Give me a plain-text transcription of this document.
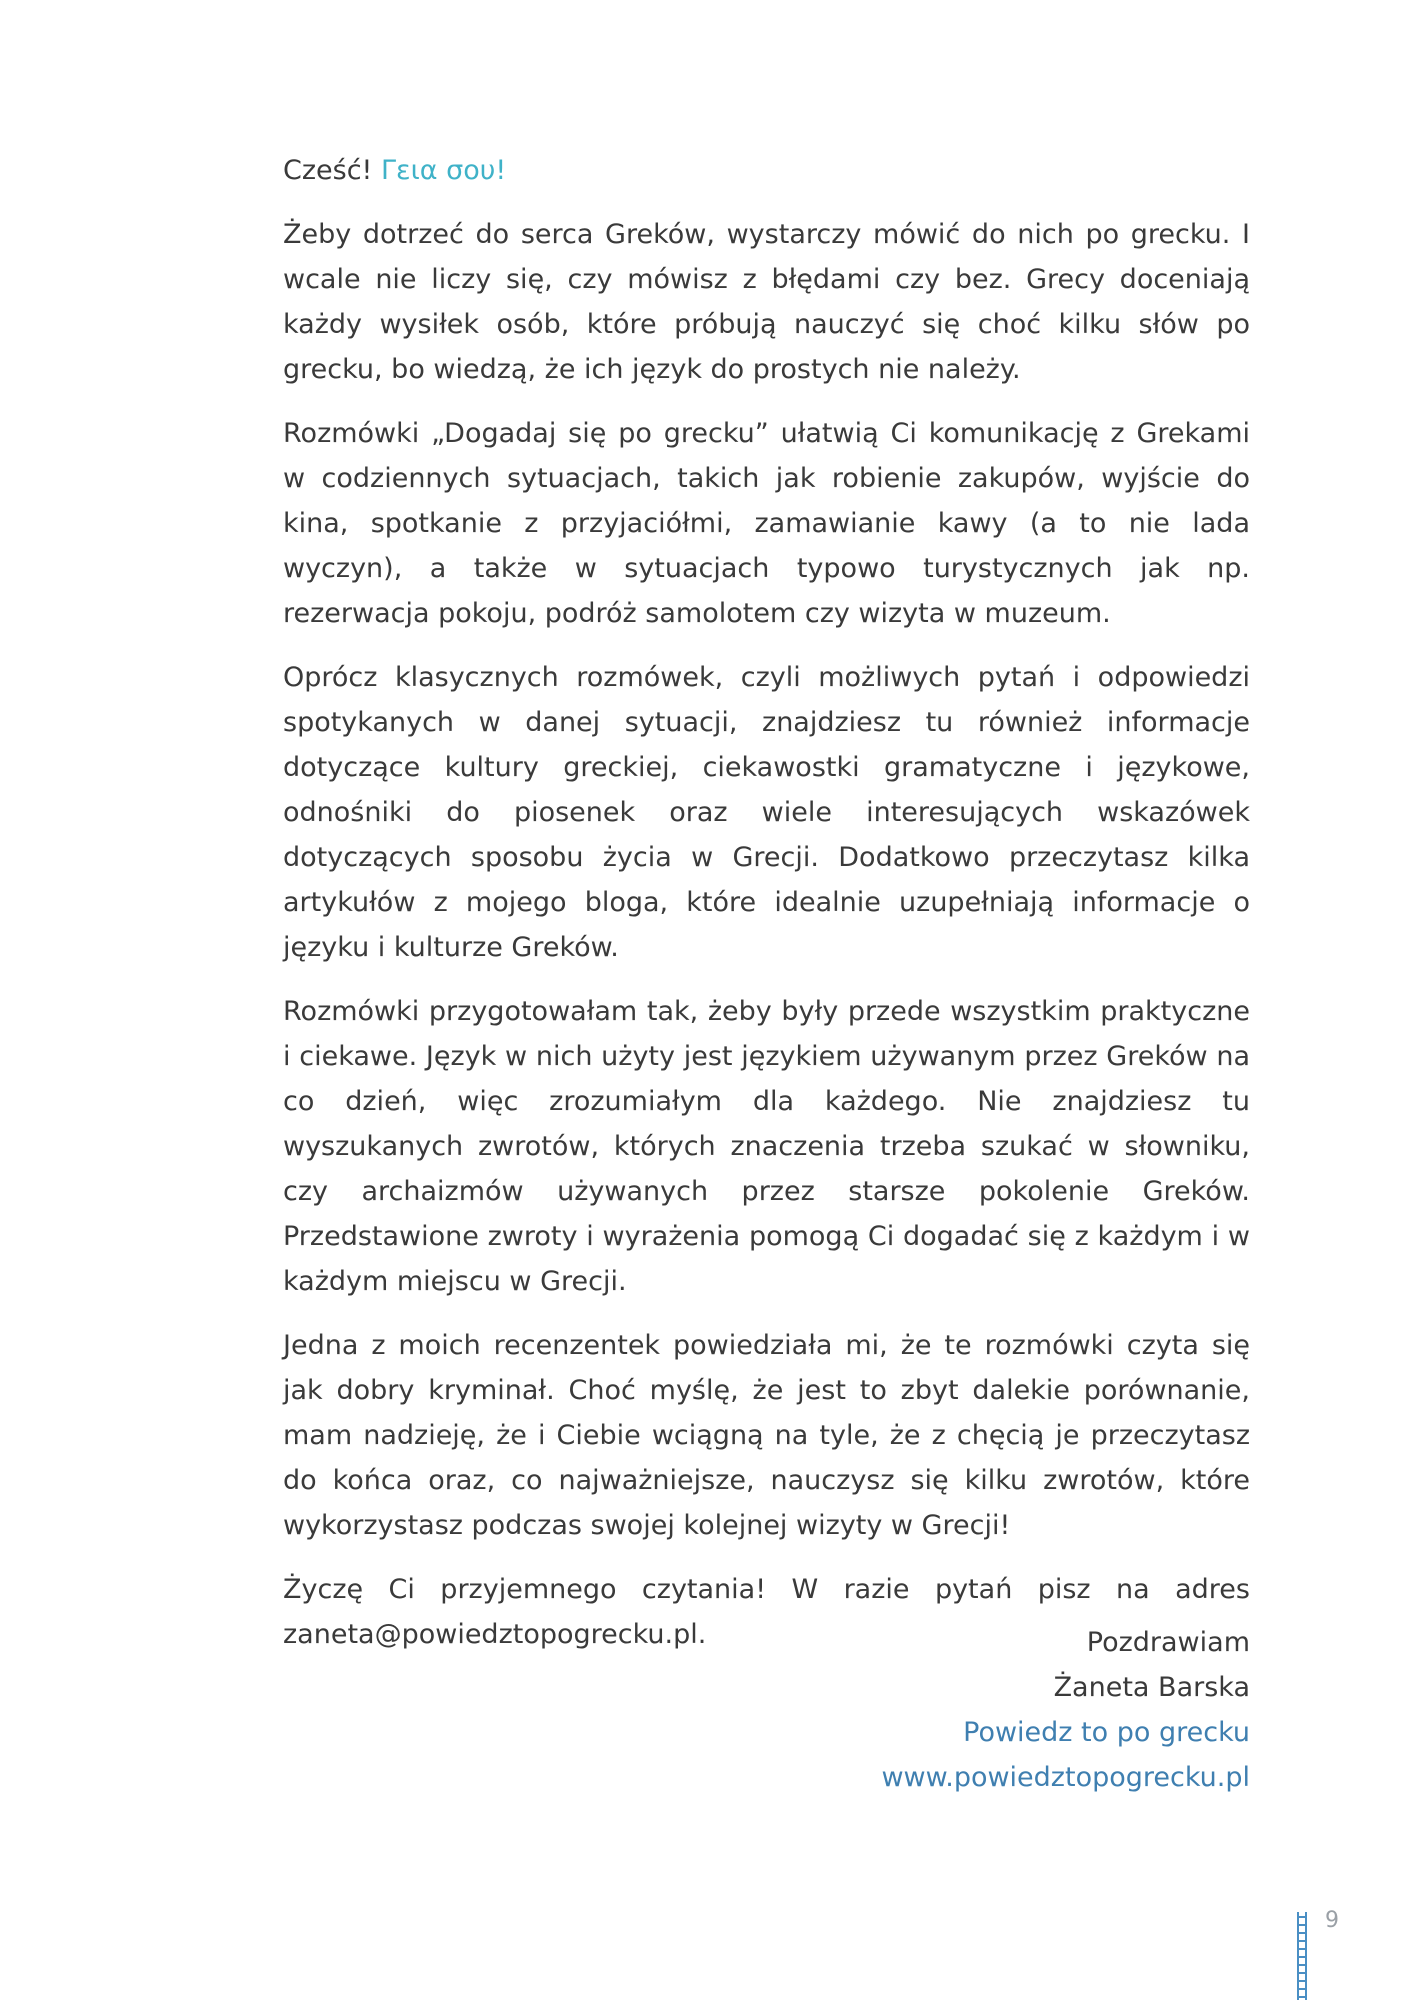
Cześć! Γεια σου!

Żeby dotrzeć do serca Greków, wystarczy mówić do nich po grecku. I wcale nie liczy się, czy mówisz z błędami czy bez. Grecy doceniają każdy wysiłek osób, które próbują nauczyć się choć kilku słów po grecku, bo wiedzą, że ich język do prostych nie należy.

Rozmówki „Dogadaj się po grecku” ułatwią Ci komunikację z Grekami w codziennych sytuacjach, takich jak robienie zakupów, wyjście do kina, spotkanie z przyjaciółmi, zamawianie kawy (a to nie lada wyczyn), a także w sytuacjach typowo turystycznych jak np. rezerwacja pokoju, podróż samolotem czy wizyta w muzeum.

Oprócz klasycznych rozmówek, czyli możliwych pytań i odpowiedzi spotykanych w danej sytuacji, znajdziesz tu również informacje dotyczące kultury greckiej, ciekawostki gramatyczne i językowe, odnośniki do piosenek oraz wiele interesujących wskazówek dotyczących sposobu życia w Grecji. Dodatkowo przeczytasz kilka artykułów z mojego bloga, które idealnie uzupełniają informacje o języku i kulturze Greków.

Rozmówki przygotowałam tak, żeby były przede wszystkim praktyczne i ciekawe. Język w nich użyty jest językiem używanym przez Greków na co dzień, więc zrozumiałym dla każdego. Nie znajdziesz tu wyszukanych zwrotów, których znaczenia trzeba szukać w słowniku, czy archaizmów używanych przez starsze pokolenie Greków. Przedstawione zwroty i wyrażenia pomogą Ci dogadać się z każdym i w każdym miejscu w Grecji.

Jedna z moich recenzentek powiedziała mi, że te rozmówki czyta się jak dobry kryminał. Choć myślę, że jest to zbyt dalekie porównanie, mam nadzieję, że i Ciebie wciągną na tyle, że z chęcią je przeczytasz do końca oraz, co najważniejsze, nauczysz się kilku zwrotów, które wykorzystasz podczas swojej kolejnej wizyty w Grecji!

Życzę Ci przyjemnego czytania! W razie pytań pisz na adres zaneta@powiedztopogrecku.pl.	Pozdrawiam
Żaneta Barska
Powiedz to po grecku
www.powiedztopogrecku.pl
9
